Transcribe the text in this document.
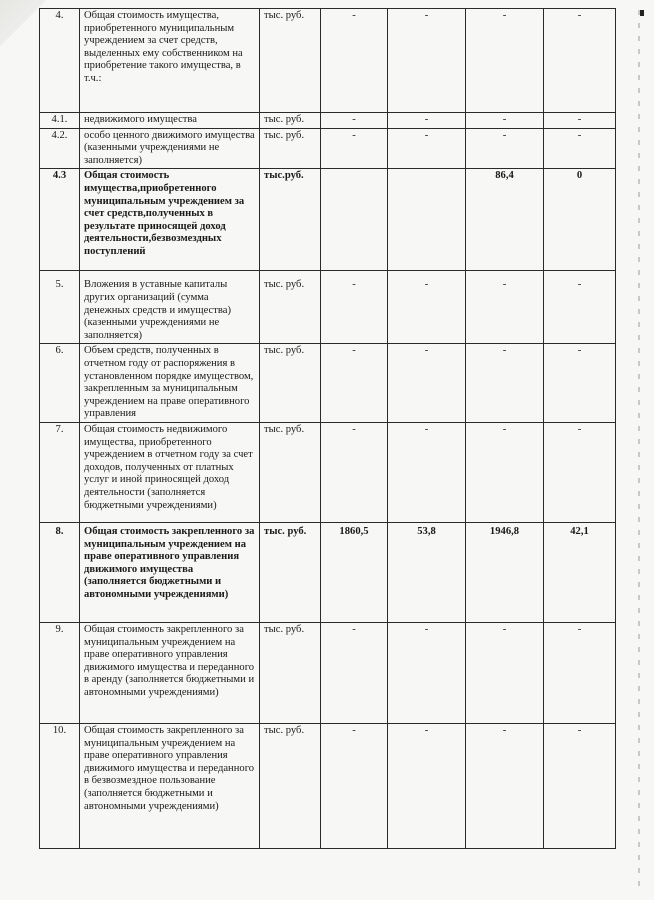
4.	Общая стоимость имущества, приобретенного муниципальным учреждением за счет средств, выделенных ему собственником на приобретение такого имущества, в т.ч.:	тыс. руб.	-	-	-	-
4.1.	недвижимого имущества	тыс. руб.	-	-	-	-
4.2.	особо ценного движимого имущества (казенными учреждениями не заполняется)	тыс. руб.	-	-	-	-
4.3	Общая стоимость имущества,приобретенного муниципальным учреждением за счет средств,полученных в результате приносящей доход деятельности,безвозмездных поступлений	тыс.руб.			86,4	0
5.	Вложения в уставные капиталы других организаций (сумма денежных средств и имущества) (казенными учреждениями не заполняется)	тыс. руб.	-	-	-	-
6.	Объем средств, полученных в отчетном году от распоряжения в установленном порядке имуществом, закрепленным за муниципальным учреждением на праве оперативного управления	тыс. руб.	-	-	-	-
7.	Общая стоимость недвижимого имущества, приобретенного учреждением в отчетном году за счет доходов, полученных от платных услуг и иной приносящей доход деятельности (заполняется бюджетными учреждениями)	тыс. руб.	-	-	-	-
8.	Общая стоимость закрепленного за муниципальным учреждением на праве оперативного управления движимого имущества (заполняется бюджетными и автономными учреждениями)	тыс. руб.	1860,5	53,8	1946,8	42,1
9.	Общая стоимость закрепленного за муниципальным учреждением на праве оперативного управления движимого имущества и переданного в аренду (заполняется бюджетными и автономными учреждениями)	тыс. руб.	-	-	-	-
10.	Общая стоимость закрепленного за муниципальным учреждением на праве оперативного управления движимого имущества и переданного в безвозмездное пользование (заполняется бюджетными и автономными учреждениями)	тыс. руб.	-	-	-	-
